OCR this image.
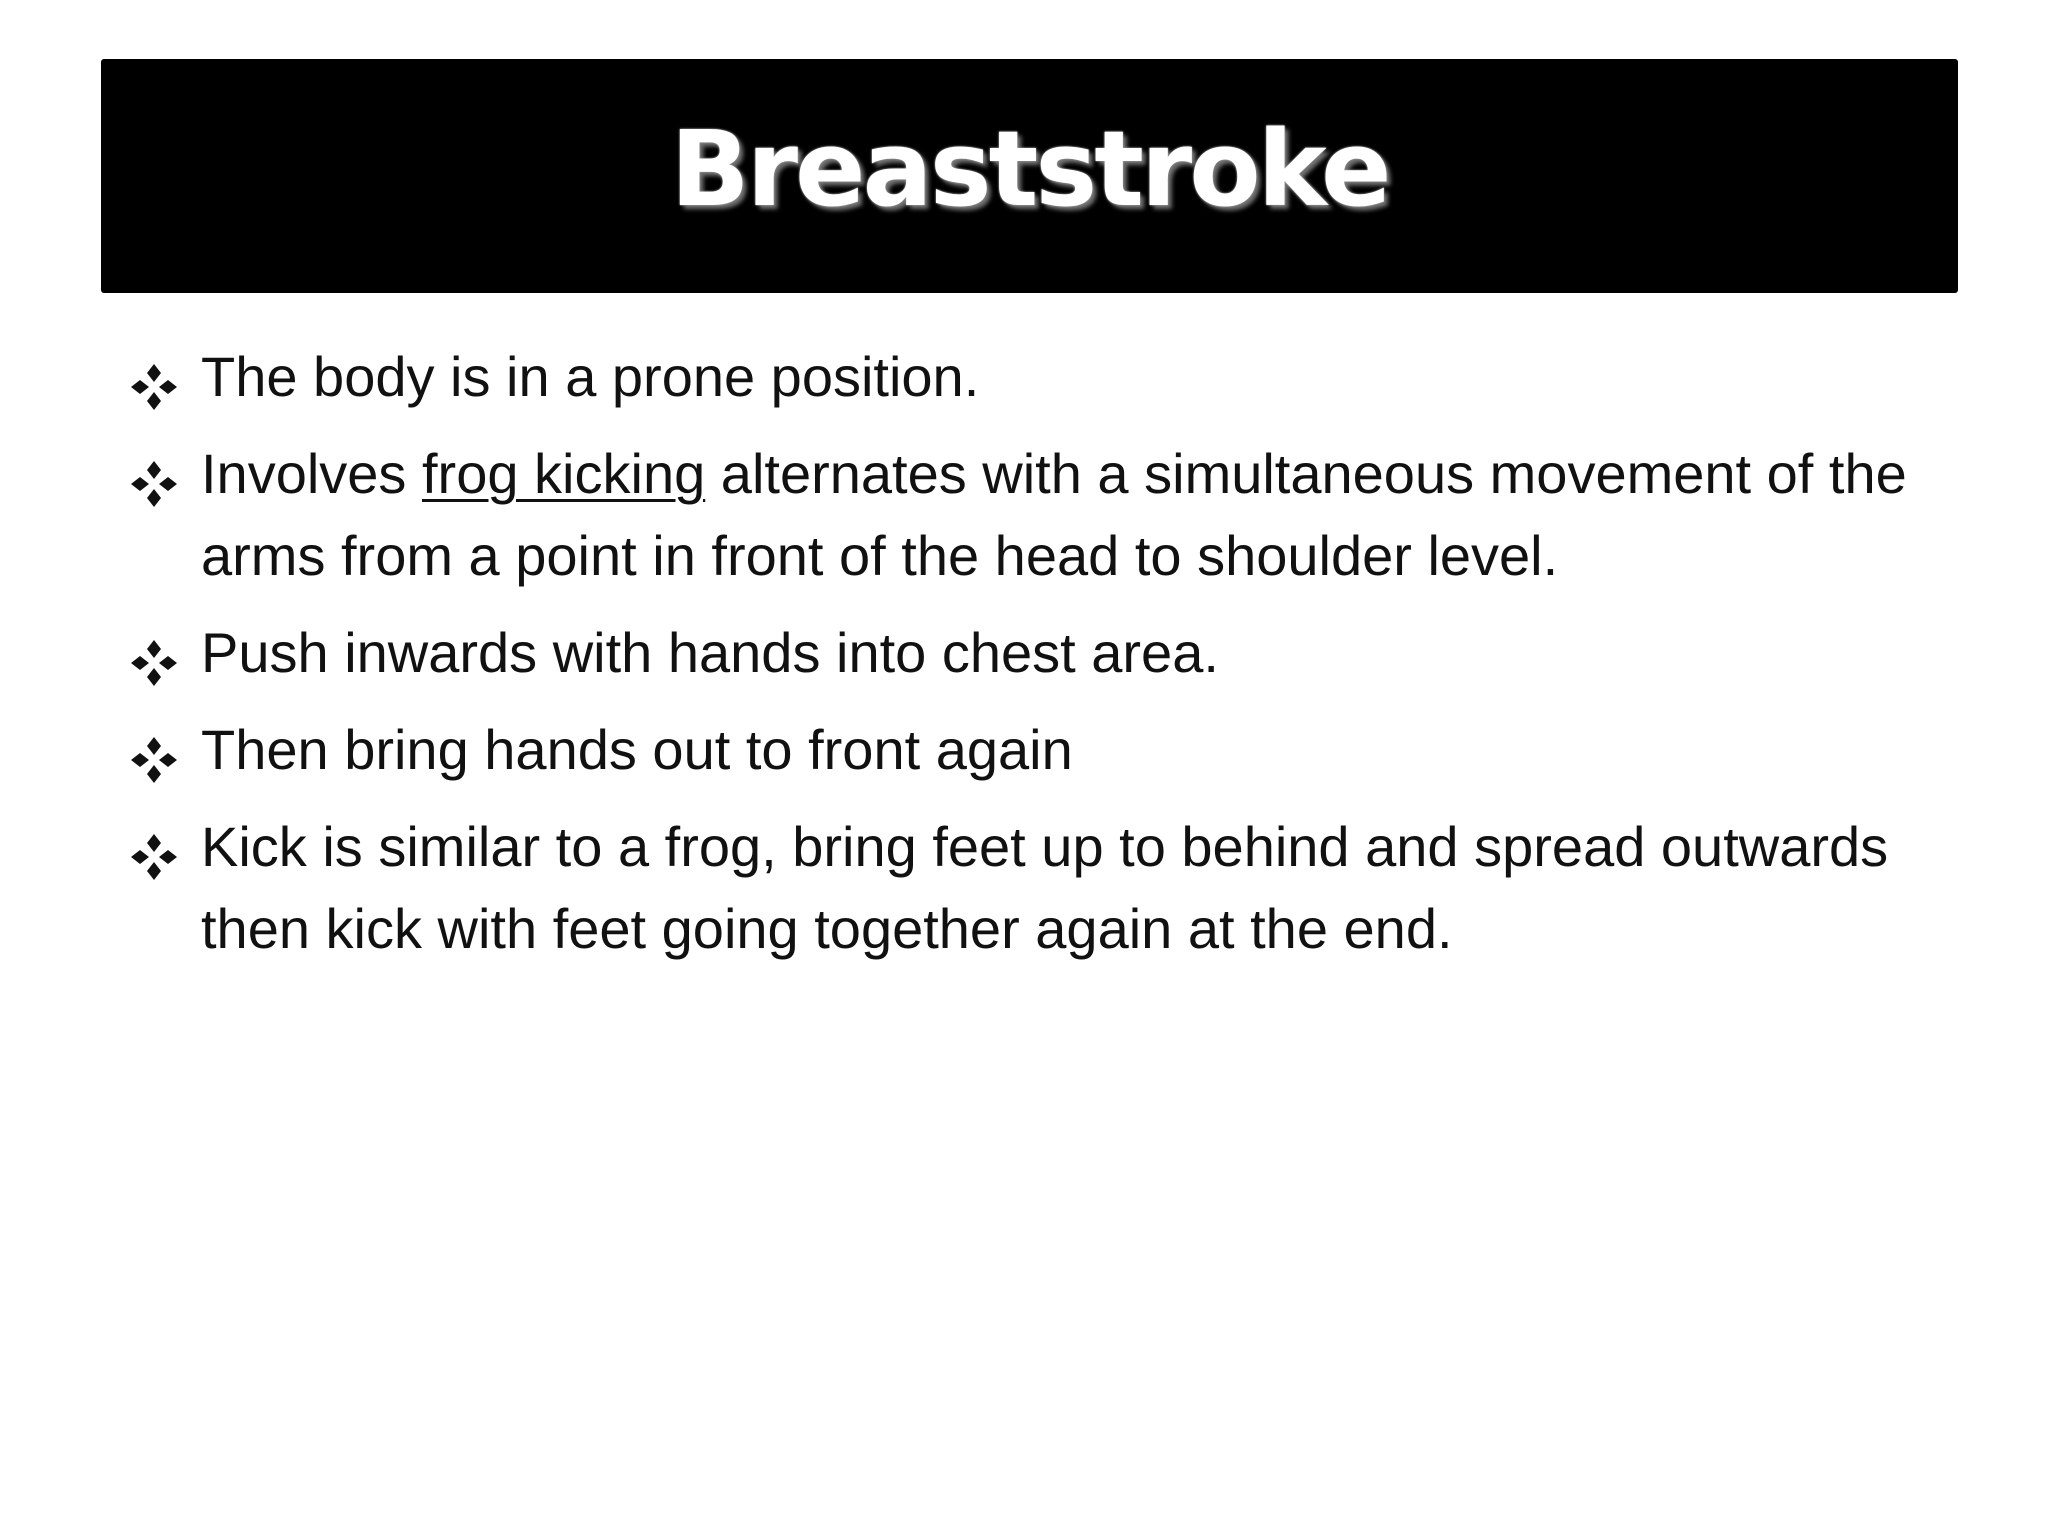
Breaststroke
The body is in a prone position.
Involves frog kicking alternates with a simultaneous movement of the arms from a point in front of the head to shoulder level.
Push inwards with hands into chest area.
Then bring hands out to front again
Kick is similar to a frog, bring feet up to behind and spread outwards then kick with feet going together again at the end.
